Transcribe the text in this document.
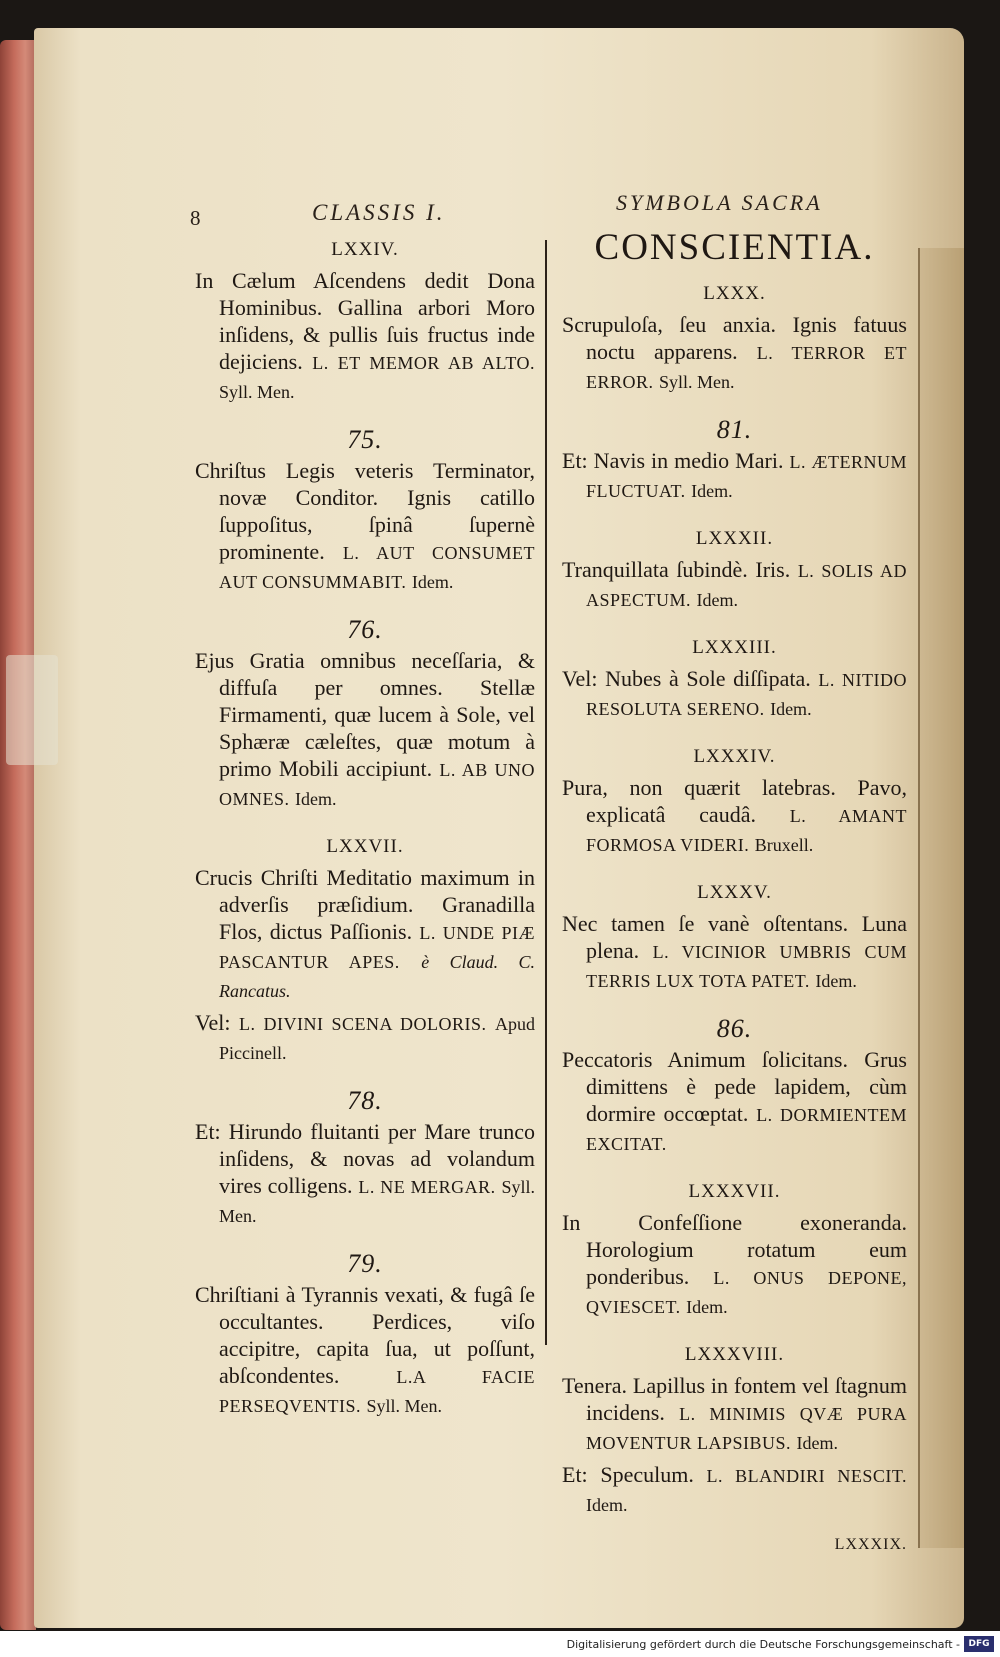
8	CLASSIS I.	SYMBOLA SACRA
LXXIV.

In Cælum Aſcendens dedit Dona Hominibus. Gallina arbori Moro inſidens, & pullis ſuis fructus inde dejiciens. L. ET MEMOR AB ALTO. Syll. Men.

75.

Chriſtus Legis veteris Terminator, novæ Conditor. Ignis catillo ſuppoſitus, ſpinâ ſupernè prominente. L. AUT CONSUMET AUT CONSUMMABIT. Idem.

76.

Ejus Gratia omnibus neceſſaria, & diffuſa per omnes. Stellæ Firmamenti, quæ lucem à Sole, vel Sphæræ cæleſtes, quæ motum à primo Mobili accipiunt. L. AB UNO OMNES. Idem.

LXXVII.

Crucis Chriſti Meditatio maximum in adverſis præſidium. Granadilla Flos, dictus Paſſionis. L. UNDE PIÆ PASCANTUR APES. è Claud. C. Rancatus.

Vel: L. DIVINI SCENA DOLORIS. Apud Piccinell.

78.

Et: Hirundo fluitanti per Mare trunco inſidens, & novas ad volandum vires colligens. L. NE MERGAR. Syll. Men.

79.

Chriſtiani à Tyrannis vexati, & fugâ ſe occultantes. Perdices, viſo accipitre, capita ſua, ut poſſunt, abſcondentes.	L.A FACIE PERSEQVENTIS. Syll. Men.

CONSCIENTIA.
LXXX.

Scrupuloſa, ſeu anxia. Ignis fatuus noctu apparens. L. TERROR ET ERROR. Syll. Men.

81.

Et: Navis in medio Mari. L. ÆTERNUM FLUCTUAT. Idem.

LXXXII.

Tranquillata ſubindè. Iris. L. SOLIS AD ASPECTUM. Idem.

LXXXIII.

Vel: Nubes à Sole diſſipata. L. NITIDO RESOLUTA SERENO. Idem.

LXXXIV.

Pura, non quærit latebras. Pavo, explicatâ caudâ. L. AMANT FORMOSA VIDERI. Bruxell.

LXXXV.

Nec tamen ſe vanè oſtentans. Luna plena. L. VICINIOR UMBRIS CUM TERRIS LUX TOTA PATET. Idem.

86.

Peccatoris Animum ſolicitans. Grus dimittens è pede lapidem, cùm dormire occœptat. L. DORMIENTEM EXCITAT.

LXXXVII.

In Confeſſione exoneranda. Horologium rotatum eum ponderibus. L. ONUS DEPONE, QVIESCET. Idem.

LXXXVIII.

Tenera. Lapillus in fontem vel ſtagnum incidens. L. MINIMIS QVÆ PURA MOVENTUR LAPSIBUS. Idem.

Et: Speculum. L. BLANDIRI NESCIT. Idem.

LXXXIX.
Digitalisierung gefördert durch die Deutsche Forschungsgemeinschaft - DFG
